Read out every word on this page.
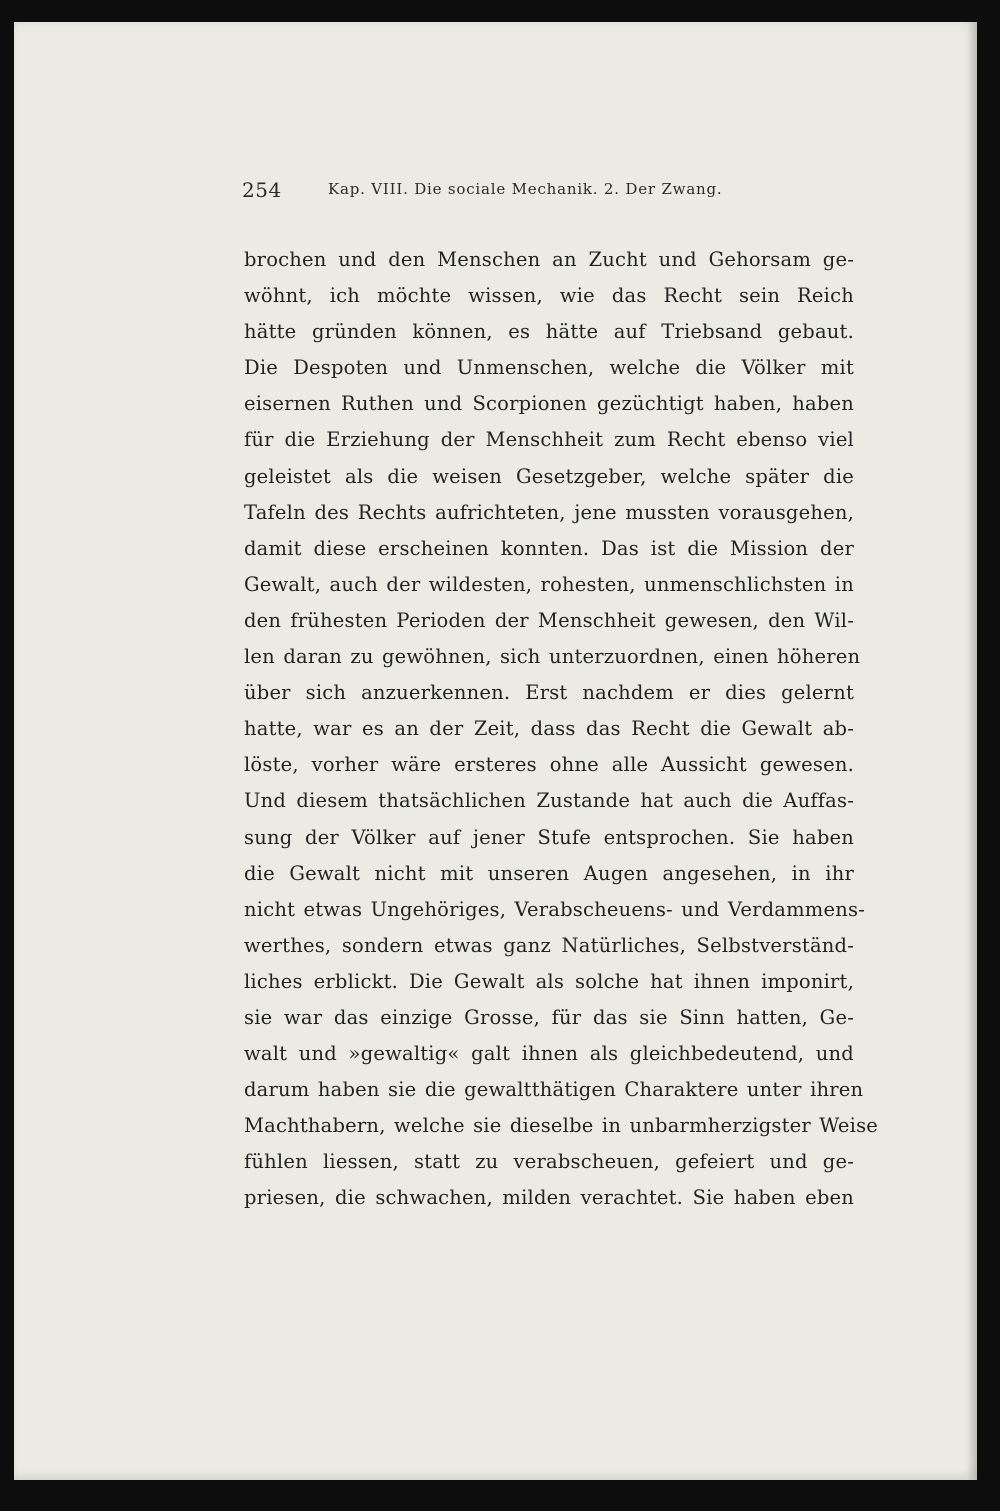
254	Kap. VIII. Die sociale Mechanik. 2. Der Zwang.
brochen und den Menschen an Zucht und Gehorsam ge-
wöhnt, ich möchte wissen, wie das Recht sein Reich
hätte gründen können, es hätte auf Triebsand gebaut.
Die Despoten und Unmenschen, welche die Völker mit
eisernen Ruthen und Scorpionen gezüchtigt haben, haben
für die Erziehung der Menschheit zum Recht ebenso viel
geleistet als die weisen Gesetzgeber, welche später die
Tafeln des Rechts aufrichteten, jene mussten vorausgehen,
damit diese erscheinen konnten. Das ist die Mission der
Gewalt, auch der wildesten, rohesten, unmenschlichsten in
den frühesten Perioden der Menschheit gewesen, den Wil-
len daran zu gewöhnen, sich unterzuordnen, einen höheren
über sich anzuerkennen. Erst nachdem er dies gelernt
hatte, war es an der Zeit, dass das Recht die Gewalt ab-
löste, vorher wäre ersteres ohne alle Aussicht gewesen.
Und diesem thatsächlichen Zustande hat auch die Auffas-
sung der Völker auf jener Stufe entsprochen. Sie haben
die Gewalt nicht mit unseren Augen angesehen, in ihr
nicht etwas Ungehöriges, Verabscheuens- und Verdammens-
werthes, sondern etwas ganz Natürliches, Selbstverständ-
liches erblickt. Die Gewalt als solche hat ihnen imponirt,
sie war das einzige Grosse, für das sie Sinn hatten, Ge-
walt und »gewaltig« galt ihnen als gleichbedeutend, und
darum haben sie die gewaltthätigen Charaktere unter ihren
Machthabern, welche sie dieselbe in unbarmherzigster Weise
fühlen liessen, statt zu verabscheuen, gefeiert und ge-
priesen, die schwachen, milden verachtet. Sie haben eben
